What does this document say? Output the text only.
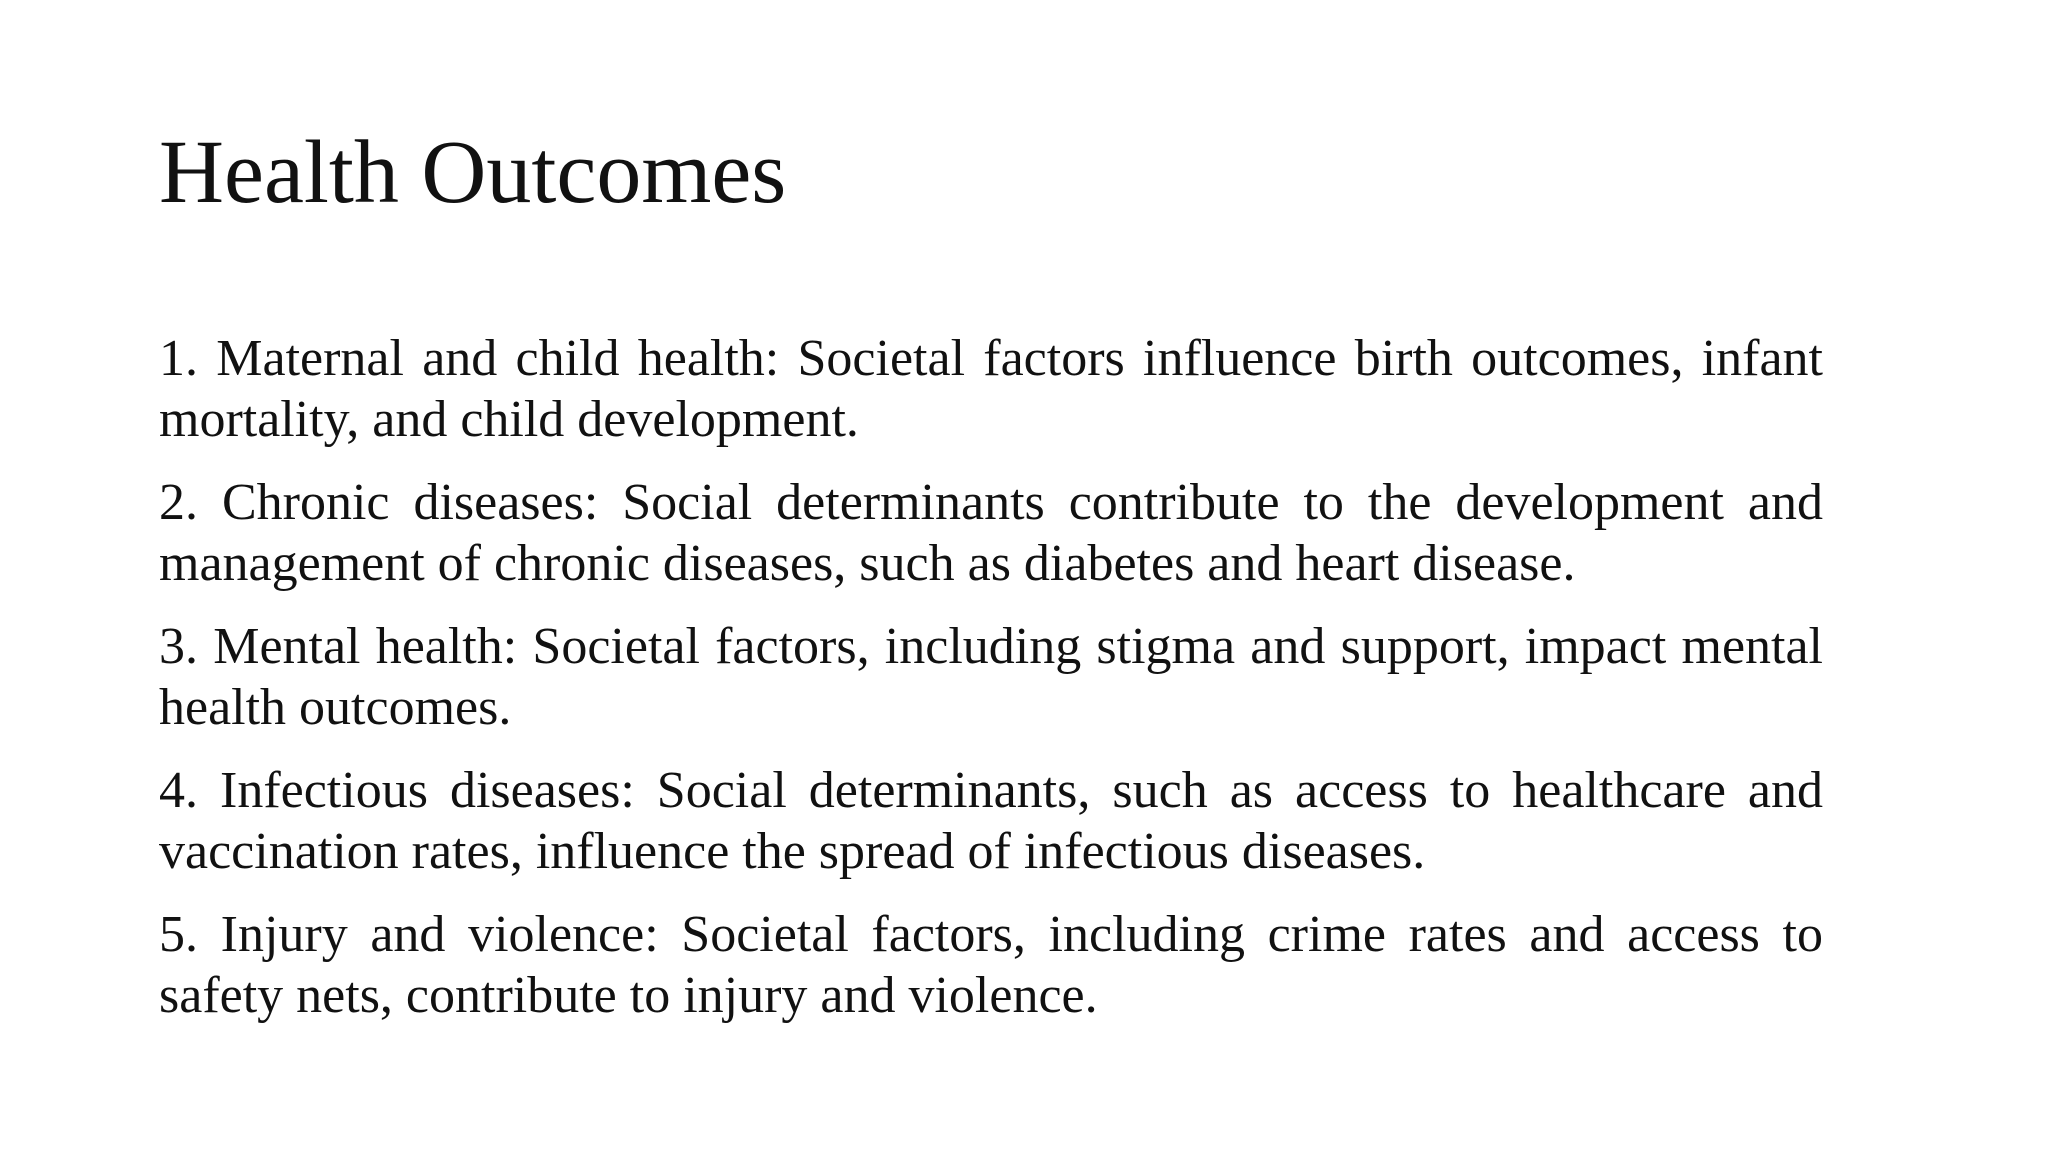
Health Outcomes
1. Maternal and child health: Societal factors influence birth outcomes, infant mortality, and child development.
2. Chronic diseases: Social determinants contribute to the development and management of chronic diseases, such as diabetes and heart disease.
3. Mental health: Societal factors, including stigma and support, impact mental health outcomes.
4. Infectious diseases: Social determinants, such as access to healthcare and vaccination rates, influence the spread of infectious diseases.
5. Injury and violence: Societal factors, including crime rates and access to safety nets, contribute to injury and violence.
